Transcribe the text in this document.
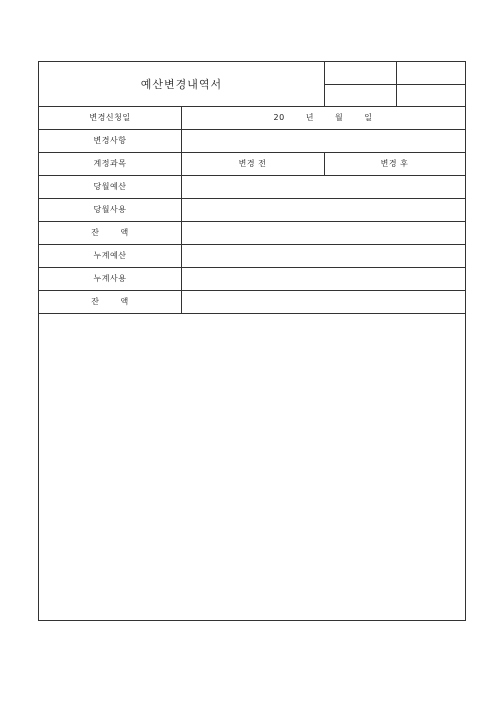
예산변경내역서
변경신청일	20 년 월 일
변경사항
계정과목	변경 전	변경 후
당월예산
당월사용
잔 액
누계예산
누계사용
잔 액
